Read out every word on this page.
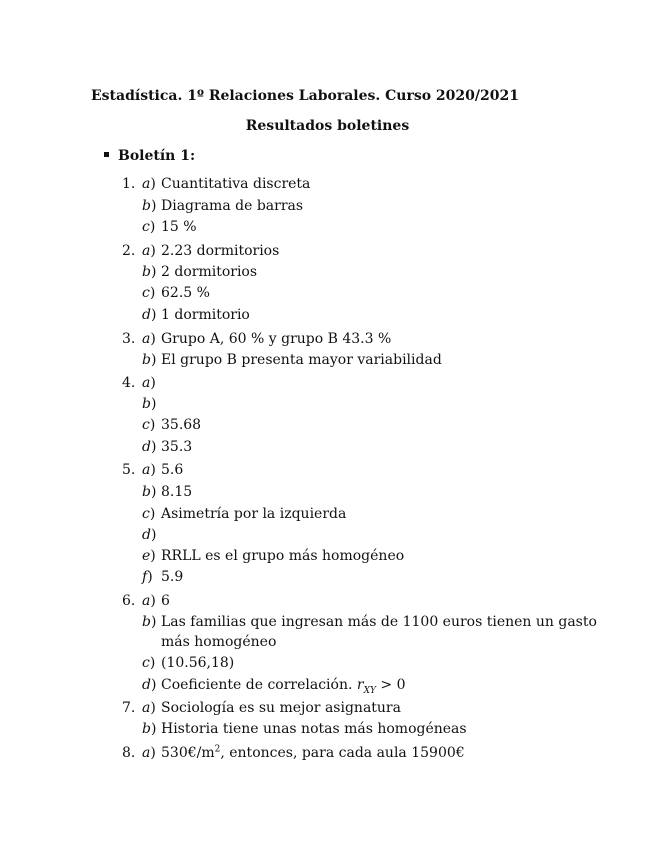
Estadística. 1º Relaciones Laborales. Curso 2020/2021
Resultados boletines
Boletín 1:
1. a) Cuantitativa discreta
b) Diagrama de barras
c) 15 %
2. a) 2.23 dormitorios
b) 2 dormitorios
c) 62.5 %
d) 1 dormitorio
3. a) Grupo A, 60 % y grupo B 43.3 %
b) El grupo B presenta mayor variabilidad
4. a)
b)
c) 35.68
d) 35.3
5. a) 5.6
b) 8.15
c) Asimetría por la izquierda
d)
e) RRLL es el grupo más homogéneo
f) 5.9
6. a) 6
b) Las familias que ingresan más de 1100 euros tienen un gasto
más homogéneo
c) (10.56,18)
d) Coeficiente de correlación. $r_{XY} > 0$
7. a) Sociología es su mejor asignatura
b) Historia tiene unas notas más homogéneas
8. a) $530€/m^2$, entonces, para cada aula 15900€
